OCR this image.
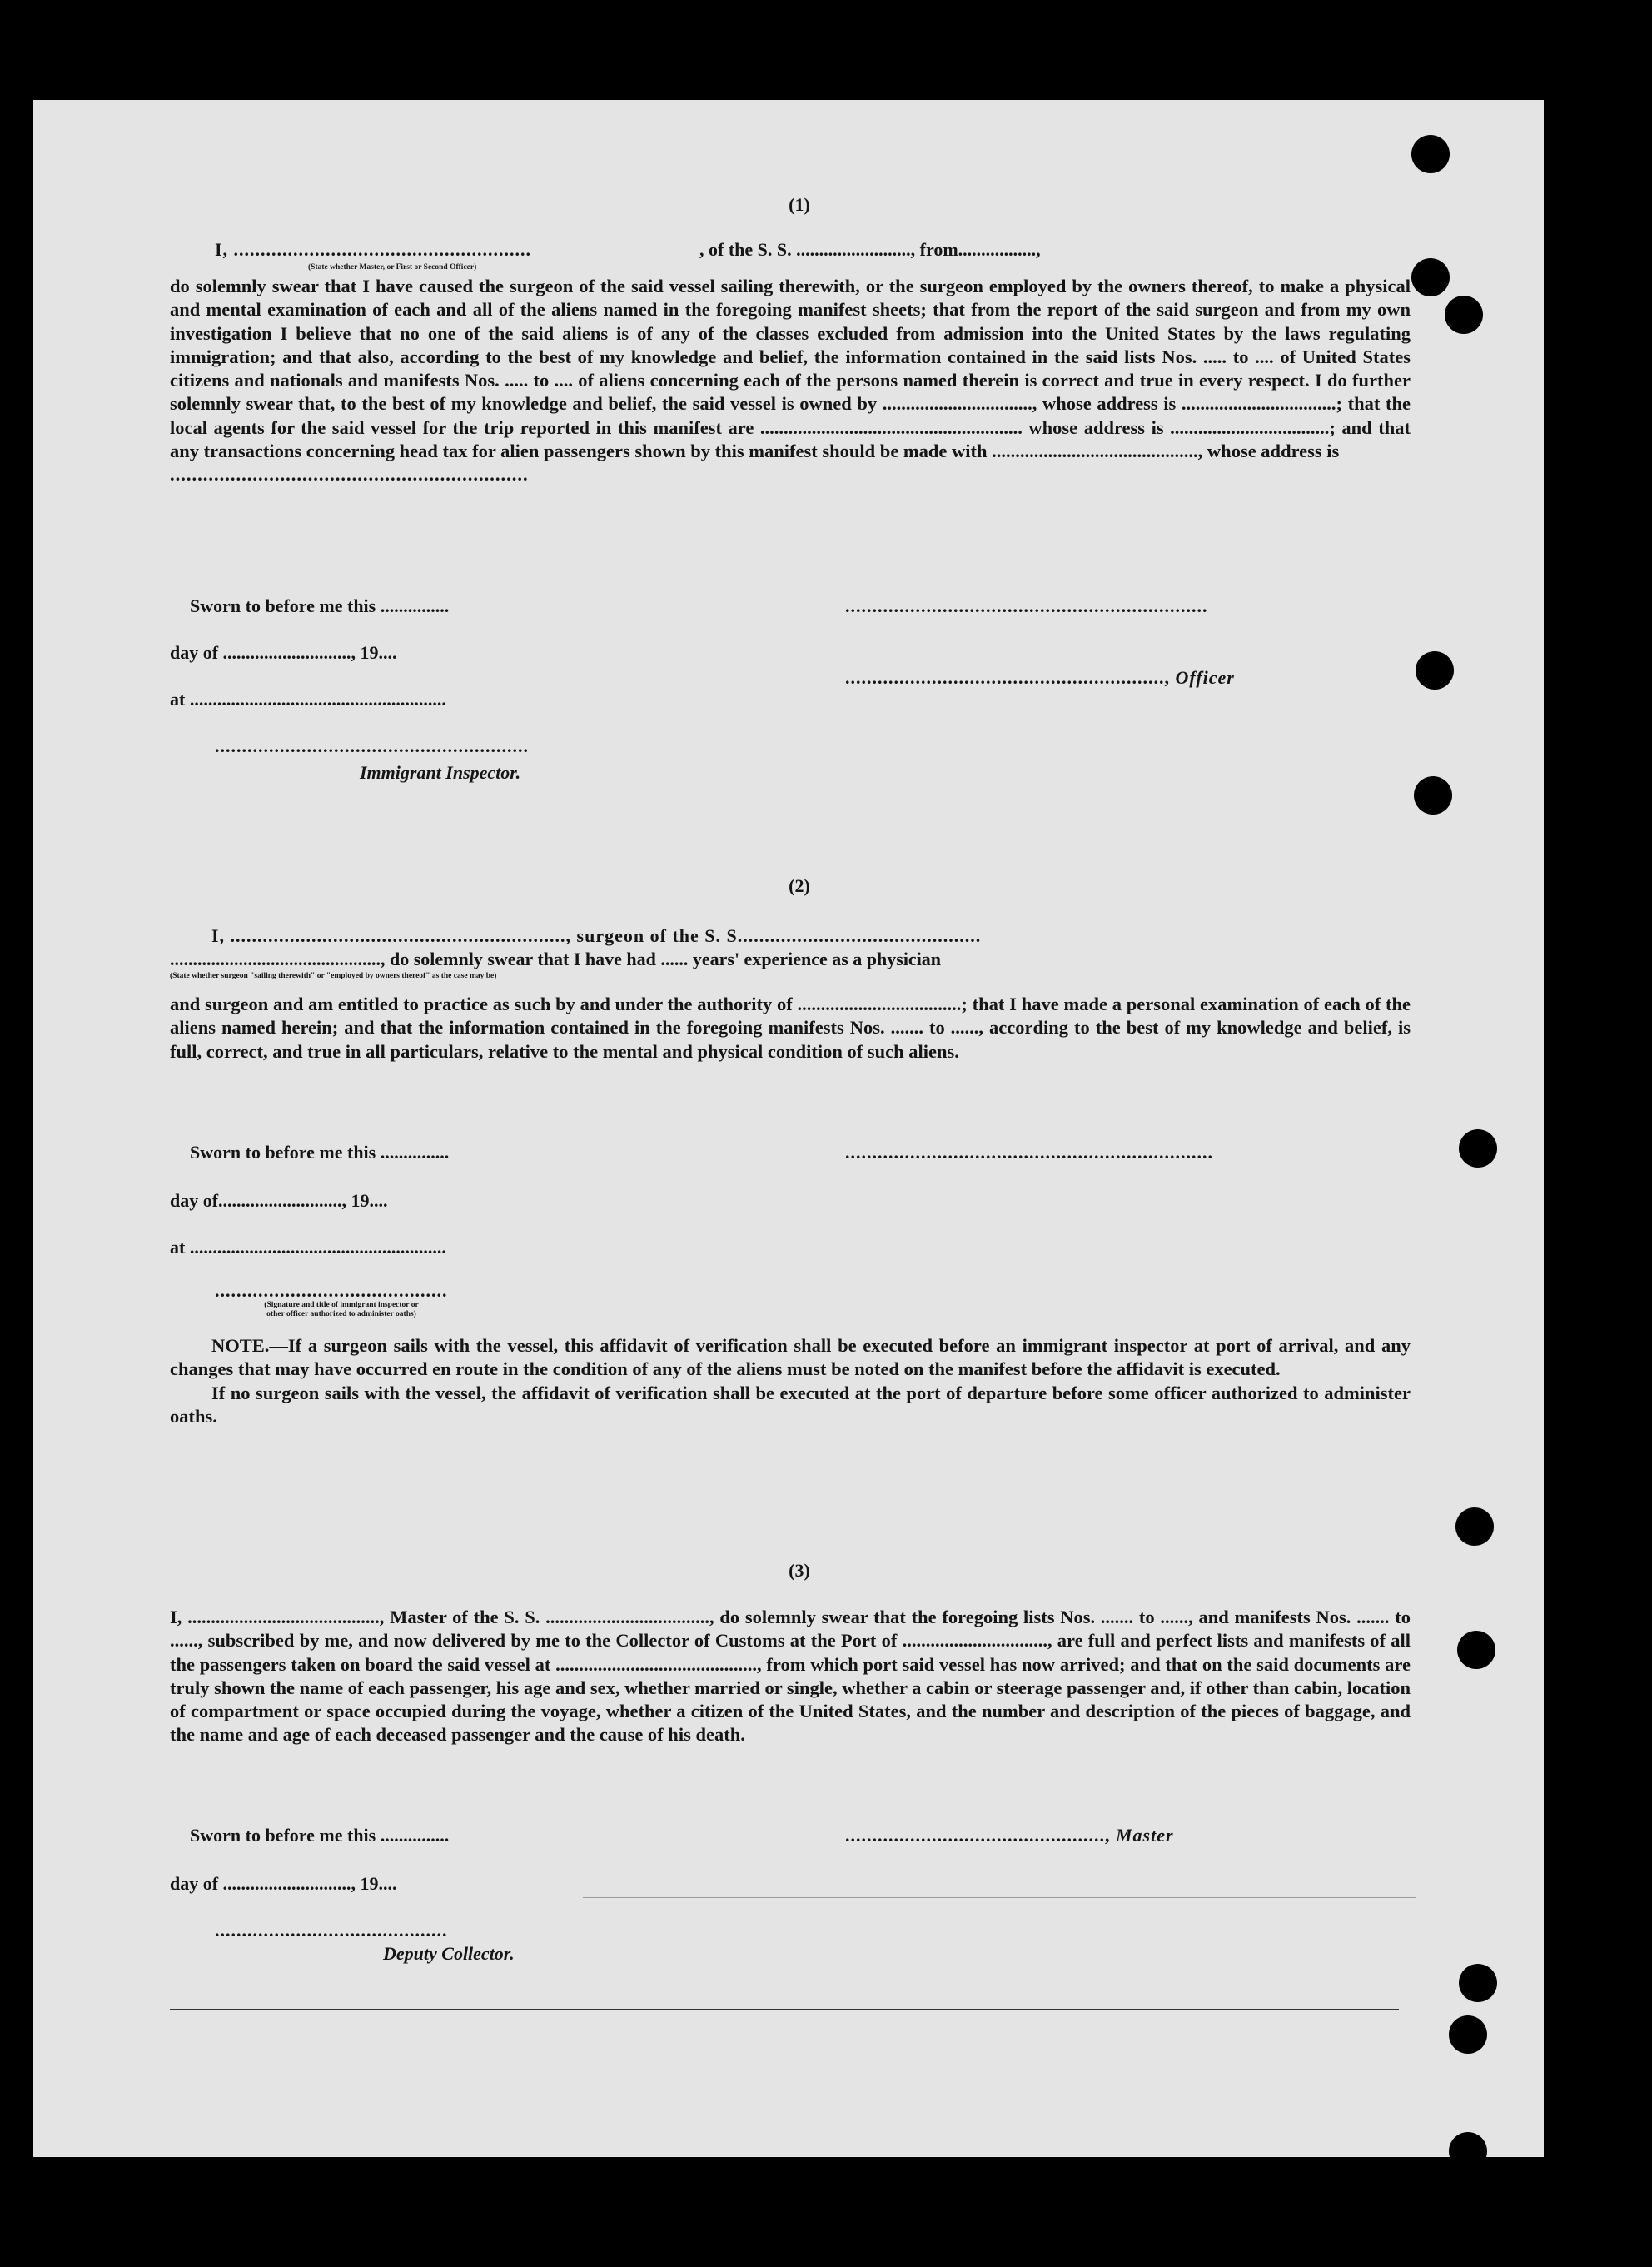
(1)
I, .......................................................	, of the S. S. ........................., from.................,
(State whether Master, or First or Second Officer)

do solemnly swear that I have caused the surgeon of the said vessel sailing therewith, or the surgeon employed by the owners thereof, to make a physical and mental examination of each and all of the aliens named in the foregoing manifest sheets; that from the report of the said surgeon and from my own investigation I believe that no one of the said aliens is of any of the classes excluded from admission into the United States by the laws regulating immigration; and that also, according to the best of my knowledge and belief, the information contained in the said lists Nos. ..... to .... of United States citizens and nationals and manifests Nos. ..... to .... of aliens concerning each of the persons named therein is correct and true in every respect. I do further solemnly swear that, to the best of my knowledge and belief, the said vessel is owned by ................................, whose address is .................................; that the local agents for the said vessel for the trip reported in this manifest are ........................................................ whose address is ..................................; and that any transactions concerning head tax for alien passengers shown by this manifest should be made with ............................................, whose address is

.................................................................

Sworn to before me this ...............	...................................................................
day of ............................, 19....
..........................................................., Officer
at ........................................................
..........................................................
Immigrant Inspector.
(2)
I, .............................................................., surgeon of the S. S.............................................
.............................................., do solemnly swear that I have had ...... years' experience as a physician
(State whether surgeon "sailing therewith" or "employed by owners thereof" as the case may be)

and surgeon and am entitled to practice as such by and under the authority of ...................................; that I have made a personal examination of each of the aliens named herein; and that the information contained in the foregoing manifests Nos. ....... to ......, according to the best of my knowledge and belief, is full, correct, and true in all particulars, relative to the mental and physical condition of such aliens.

Sworn to before me this ...............	....................................................................
day of..........................., 19....
at ........................................................
...........................................
(Signature and title of immigrant inspector or
other officer authorized to administer oaths)

NOTE.—If a surgeon sails with the vessel, this affidavit of verification shall be executed before an immigrant inspector at port of arrival, and any changes that may have occurred en route in the condition of any of the aliens must be noted on the manifest before the affidavit is executed.

If no surgeon sails with the vessel, the affidavit of verification shall be executed at the port of departure before some officer authorized to administer oaths.

(3)

I, ........................................., Master of the S. S. ..................................., do solemnly swear that the foregoing lists Nos. ....... to ......, and manifests Nos. ....... to ......, subscribed by me, and now delivered by me to the Collector of Customs at the Port of ..............................., are full and perfect lists and manifests of all the passengers taken on board the said vessel at ..........................................., from which port said vessel has now arrived; and that on the said documents are truly shown the name of each passenger, his age and sex, whether married or single, whether a cabin or steerage passenger and, if other than cabin, location of compartment or space occupied during the voyage, whether a citizen of the United States, and the number and description of the pieces of baggage, and the name and age of each deceased passenger and the cause of his death.

Sworn to before me this ...............	................................................, Master
day of ............................, 19....
...........................................
Deputy Collector.
